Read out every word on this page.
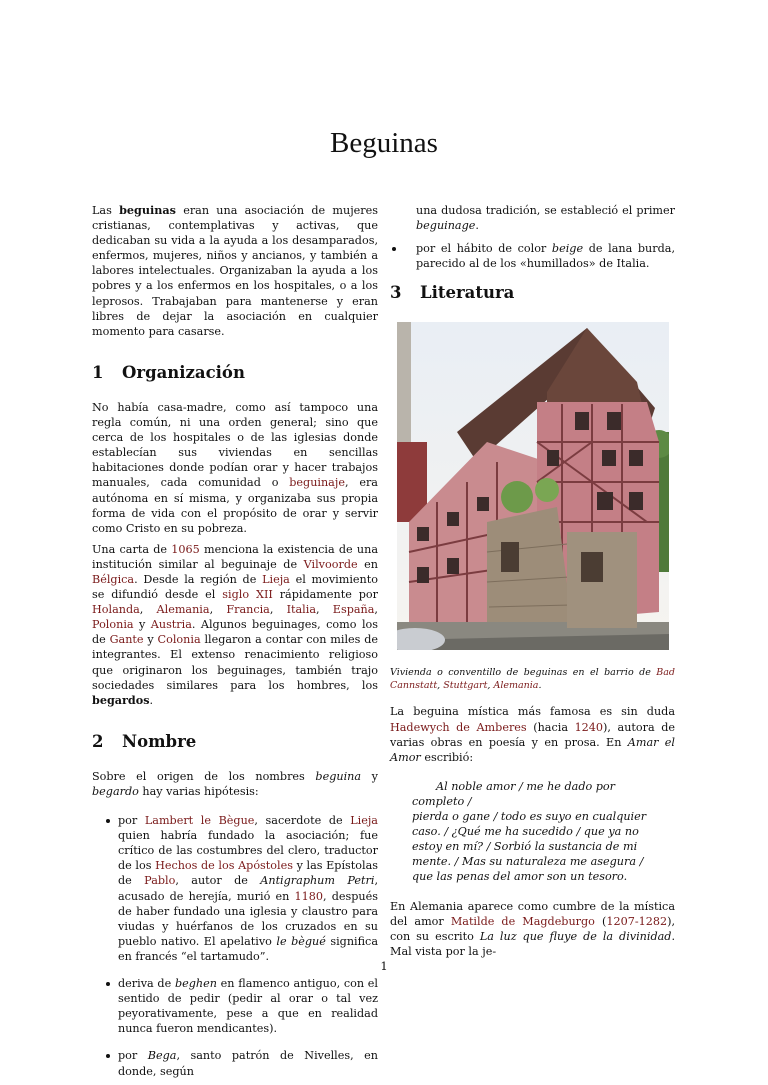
Beguinas

Las beguinas eran una asociación de mujeres cristianas, contemplativas y activas, que dedicaban su vida a la ayuda a los desamparados, enfermos, mujeres, niños y ancianos, y también a labores intelectuales. Organizaban la ayuda a los pobres y a los enfermos en los hospitales, o a los leprosos. Trabajaban para mantenerse y eran libres de dejar la asociación en cualquier momento para casarse.

1 Organización

No había casa-madre, como así tampoco una regla común, ni una orden general; sino que cerca de los hospitales o de las iglesias donde establecían sus viviendas en sencillas habitaciones donde podían orar y hacer trabajos manuales, cada comunidad o beguinaje, era autónoma en sí misma, y organizaba sus propia forma de vida con el propósito de orar y servir como Cristo en su pobreza.

Una carta de 1065 menciona la existencia de una institución similar al beguinaje de Vilvoorde en Bélgica. Desde la región de Lieja el movimiento se difundió desde el siglo XII rápidamente por Holanda, Alemania, Francia, Italia, España, Polonia y Austria. Algunos beguinages, como los de Gante y Colonia llegaron a contar con miles de integrantes. El extenso renacimiento religioso que originaron los beguinages, también trajo sociedades similares para los hombres, los begardos.

2 Nombre

Sobre el origen de los nombres beguina y begardo hay varias hipótesis:

por Lambert le Bègue, sacerdote de Lieja quien habría fundado la asociación; fue crítico de las costumbres del clero, traductor de los Hechos de los Apóstoles y las Epístolas de Pablo, autor de Antigraphum Petri, acusado de herejía, murió en 1180, después de haber fundado una iglesia y claustro para viudas y huérfanos de los cruzados en su pueblo nativo. El apelativo le bègué significa en francés “el tartamudo”.
deriva de beghen en flamenco antiguo, con el sentido de pedir (pedir al orar o tal vez peyorativamente, pese a que en realidad nunca fueron mendicantes).
por Bega, santo patrón de Nivelles, en donde, según

una dudosa tradición, se estableció el primer beguinage.

por el hábito de color beige de lana burda, parecido al de los «humillados» de Italia.
3 Literatura

Vivienda o conventillo de beguinas en el barrio de Bad Cannstatt, Stuttgart, Alemania.

La beguina mística más famosa es sin duda Hadewych de Amberes (hacia 1240), autora de varias obras en poesía y en prosa. En Amar el Amor escribió:

Al noble amor / me he dado por completo /
pierda o gane / todo es suyo en cualquier caso. / ¿Qué me ha sucedido / que ya no estoy en mí? / Sorbió la sustancia de mi mente. / Mas su naturaleza me asegura / que las penas del amor son un tesoro.

En Alemania aparece como cumbre de la mística del amor Matilde de Magdeburgo (1207-1282), con su escrito La luz que fluye de la divinidad. Mal vista por la je-

1
